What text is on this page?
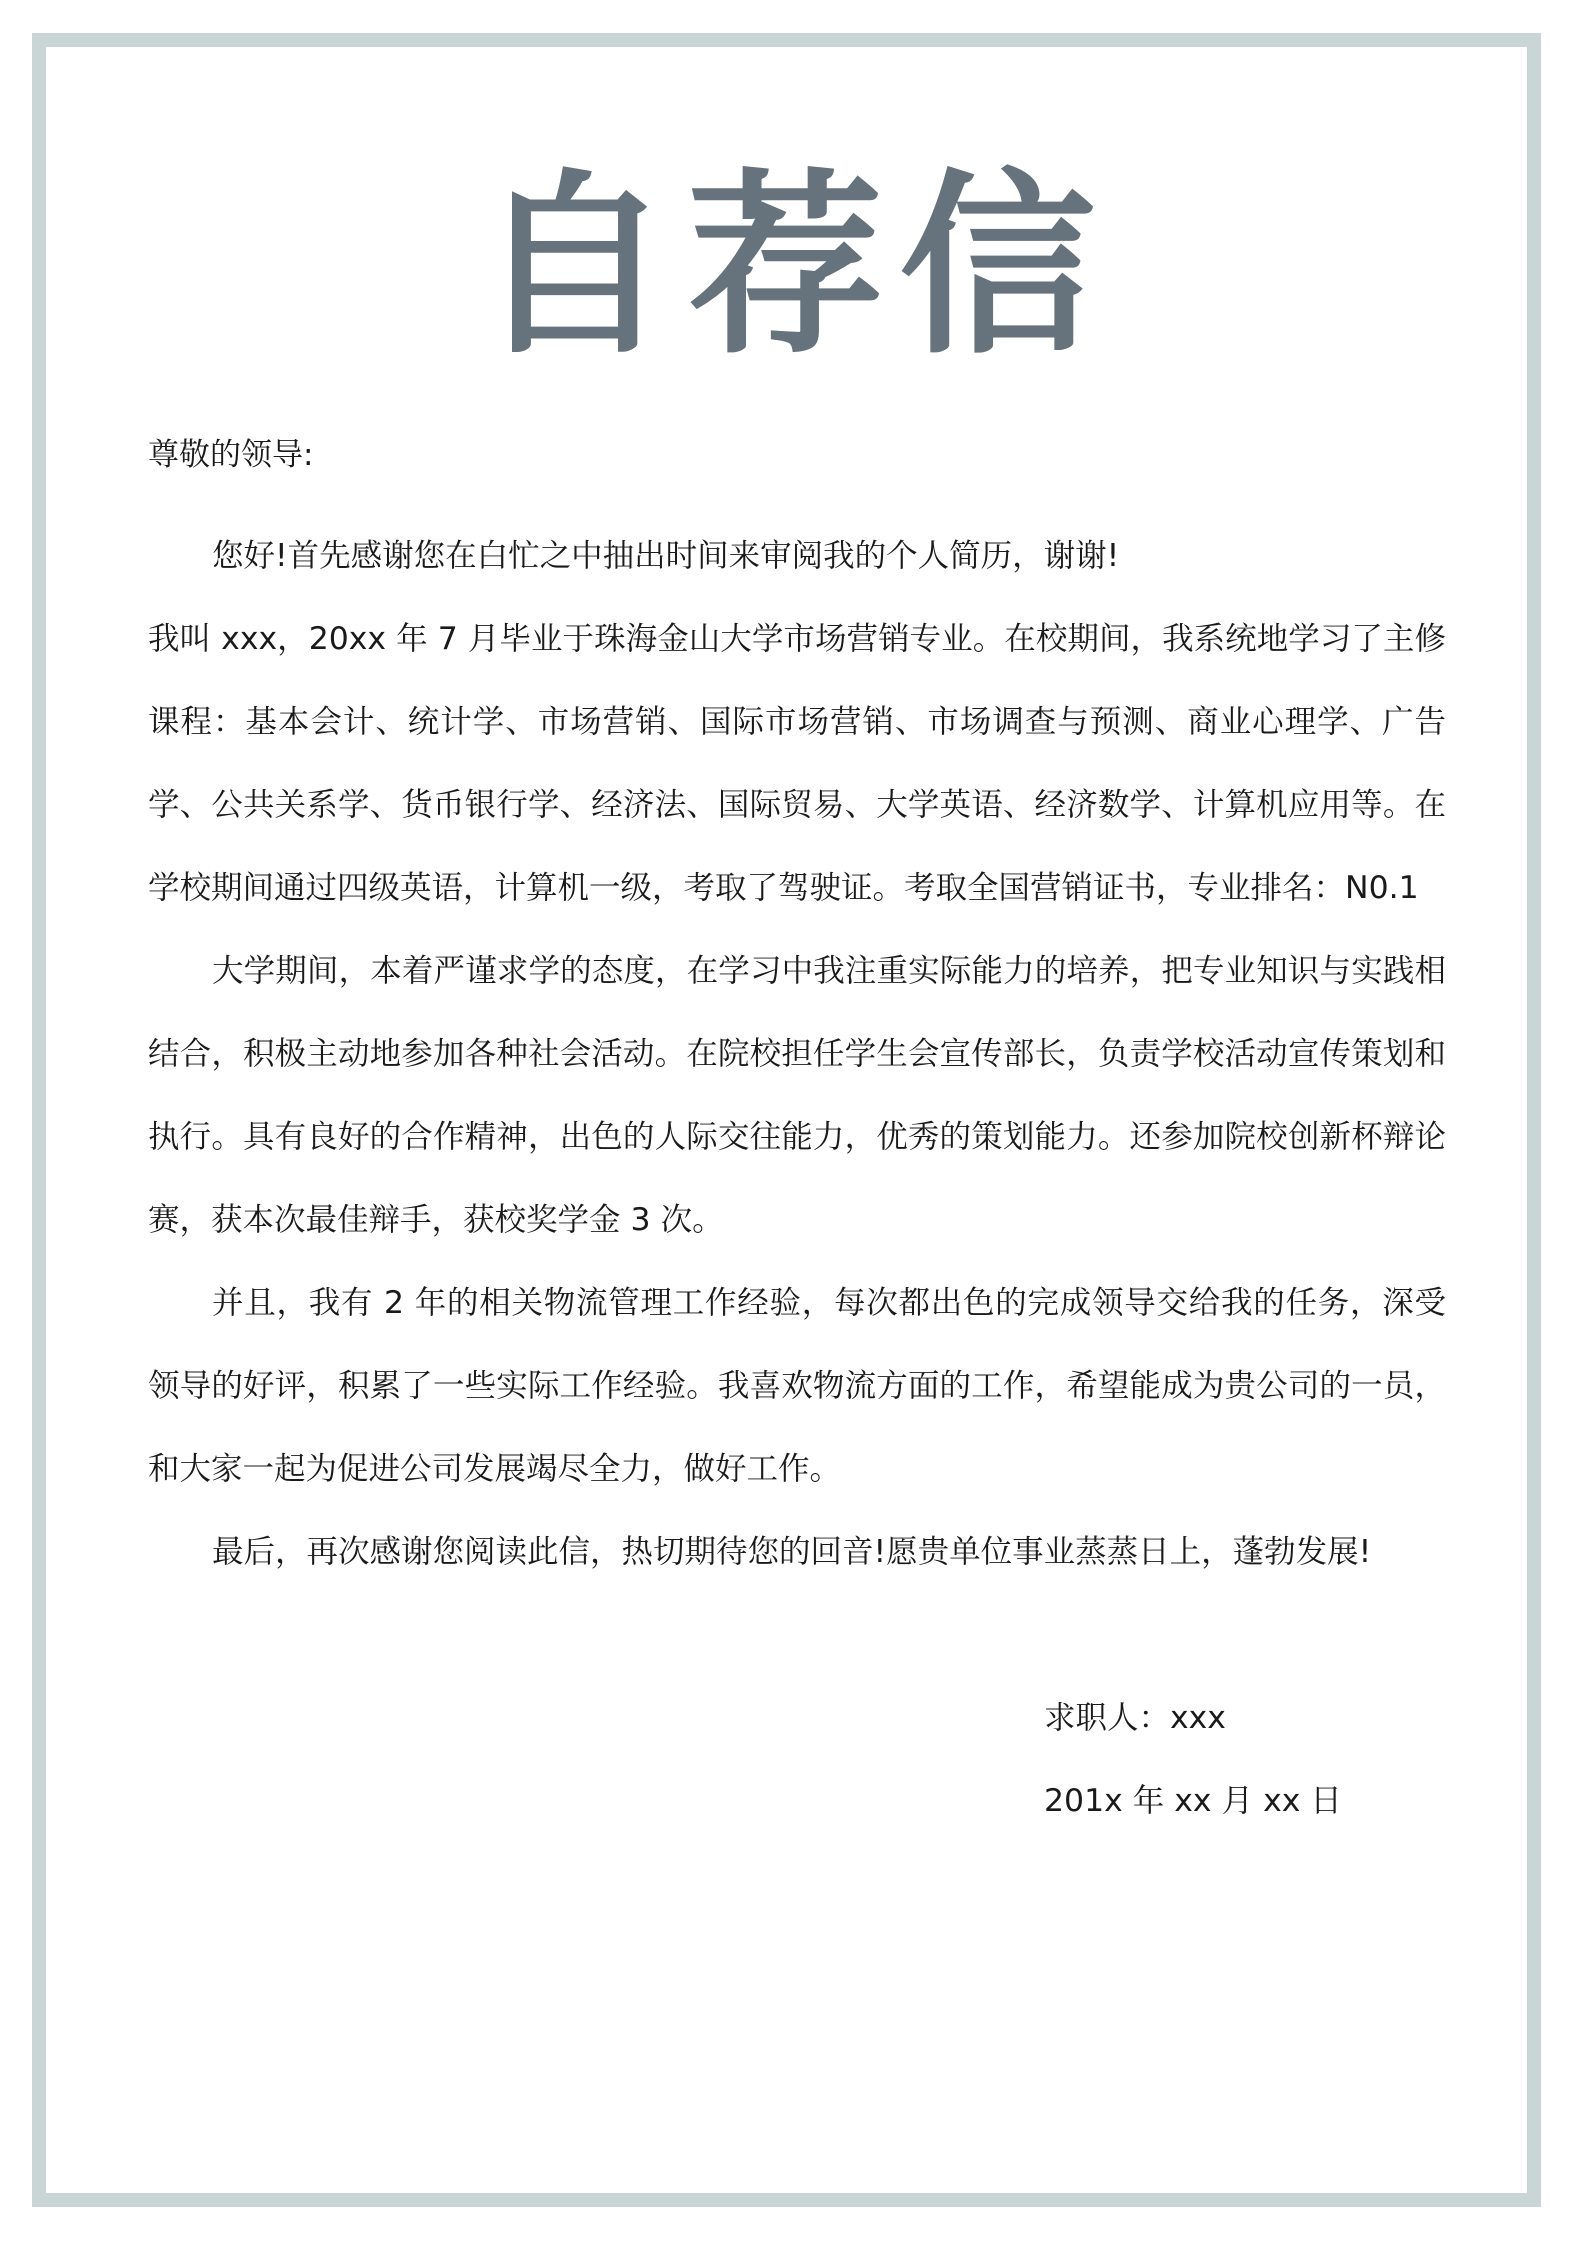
自荐信

尊敬的领导:

您好!首先感谢您在白忙之中抽出时间来审阅我的个人简历，谢谢!

我叫 xxx，20xx 年 7 月毕业于珠海金山大学市场营销专业。在校期间，我系统地学习了主修课程：基本会计、统计学、市场营销、国际市场营销、市场调查与预测、商业心理学、广告学、公共关系学、货币银行学、经济法、国际贸易、大学英语、经济数学、计算机应用等。在学校期间通过四级英语，计算机一级，考取了驾驶证。考取全国营销证书，专业排名：N0.1

大学期间，本着严谨求学的态度，在学习中我注重实际能力的培养，把专业知识与实践相结合，积极主动地参加各种社会活动。在院校担任学生会宣传部长，负责学校活动宣传策划和执行。具有良好的合作精神，出色的人际交往能力，优秀的策划能力。还参加院校创新杯辩论赛，获本次最佳辩手，获校奖学金 3 次。

并且，我有 2 年的相关物流管理工作经验，每次都出色的完成领导交给我的任务，深受领导的好评，积累了一些实际工作经验。我喜欢物流方面的工作，希望能成为贵公司的一员，和大家一起为促进公司发展竭尽全力，做好工作。

最后，再次感谢您阅读此信，热切期待您的回音!愿贵单位事业蒸蒸日上，蓬勃发展!

求职人：xxx

201x 年 xx 月 xx 日
